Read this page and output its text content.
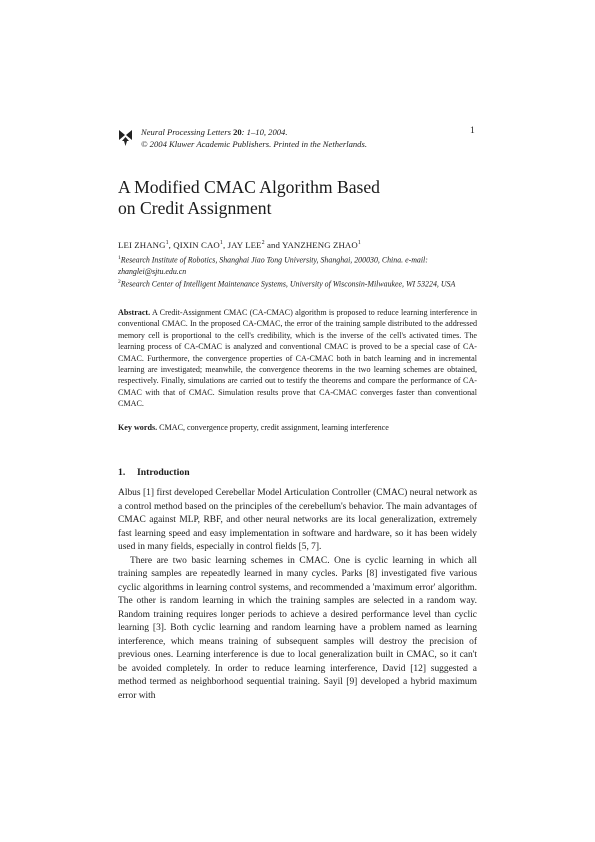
Neural Processing Letters 20: 1–10, 2004.
© 2004 Kluwer Academic Publishers. Printed in the Netherlands.
1
A Modified CMAC Algorithm Based
on Credit Assignment
LEI ZHANG$^1$, QIXIN CAO$^1$, JAY LEE$^2$ and YANZHENG ZHAO$^1$
$^1$Research Institute of Robotics, Shanghai Jiao Tong University, Shanghai, 200030, China. e-mail: zhanglei@sjtu.edu.cn
$^2$Research Center of Intelligent Maintenance Systems, University of Wisconsin-Milwaukee, WI 53224, USA
Abstract. A Credit-Assignment CMAC (CA-CMAC) algorithm is proposed to reduce learning interference in conventional CMAC. In the proposed CA-CMAC, the error of the training sample distributed to the addressed memory cell is proportional to the cell's credibility, which is the inverse of the cell's activated times. The learning process of CA-CMAC is analyzed and conventional CMAC is proved to be a special case of CA-CMAC. Furthermore, the convergence properties of CA-CMAC both in batch learning and in incremental learning are investigated; meanwhile, the convergence theorems in the two learning schemes are obtained, respectively. Finally, simulations are carried out to testify the theorems and compare the performance of CA-CMAC with that of CMAC. Simulation results prove that CA-CMAC converges faster than conventional CMAC.
Key words. CMAC, convergence property, credit assignment, learning interference
1. Introduction

Albus [1] first developed Cerebellar Model Articulation Controller (CMAC) neural network as a control method based on the principles of the cerebellum's behavior. The main advantages of CMAC against MLP, RBF, and other neural networks are its local generalization, extremely fast learning speed and easy implementation in software and hardware, so it has been widely used in many fields, especially in control fields [5, 7].

There are two basic learning schemes in CMAC. One is cyclic learning in which all training samples are repeatedly learned in many cycles. Parks [8] investigated five various cyclic algorithms in learning control systems, and recommended a 'maximum error' algorithm. The other is random learning in which the training samples are selected in a random way. Random training requires longer periods to achieve a desired performance level than cyclic learning [3]. Both cyclic learning and random learning have a problem named as learning interference, which means training of subsequent samples will destroy the precision of previous ones. Learning interference is due to local generalization built in CMAC, so it can't be avoided completely. In order to reduce learning interference, David [12] suggested a method termed as neighborhood sequential training. Sayil [9] developed a hybrid maximum error with
